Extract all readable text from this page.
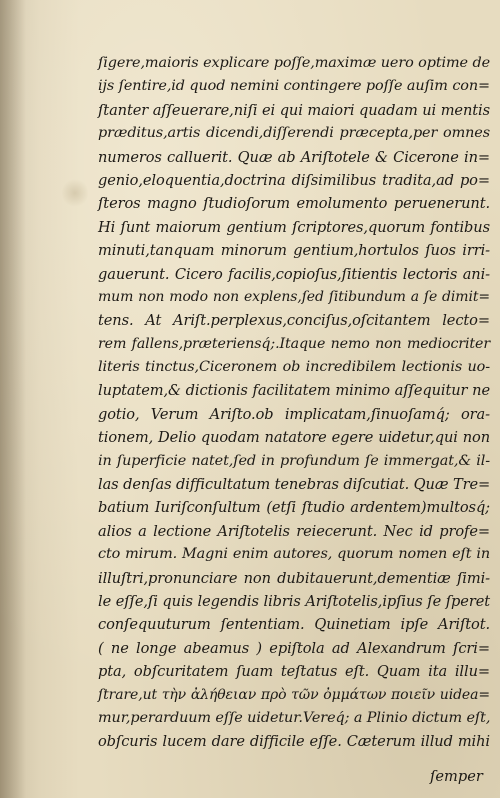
ſigere,maioris explicare poſſe,maximæ uero optime de
ijs ſentire,id quod nemini contingere poſſe auſim con=
ſtanter aſſeuerare,niſi ei qui maiori quadam ui mentis
præditus,artis dicendi,diſſerendi præcepta,per omnes
numeros calluerit. Quæ ab Ariſtotele & Cicerone in=
genio,eloquentia,doctrina diſsimilibus tradita,ad po=
ſteros magno ſtudioſorum emolumento peruenerunt.
Hi ſunt maiorum gentium ſcriptores,quorum fontibus
minuti,tanquam minorum gentium,hortulos ſuos irri-
gauerunt. Cicero facilis,copioſus,ſitientis lectoris ani-
mum non modo non explens,ſed ſitibundum a ſe dimit=
tens. At Ariſt.perplexus,conciſus,oſcitantem lecto=
rem fallens,præteriensq́;.Itaque nemo non mediocriter
literis tinctus,Ciceronem ob incredibilem lectionis uo-
luptatem,& dictionis facilitatem minimo aſſequitur ne
gotio, Verum Ariſto.ob implicatam,ſinuoſamq́; ora-
tionem, Delio quodam natatore egere uidetur,qui non
in ſuperficie natet,ſed in profundum ſe immergat,& il-
las denſas difficultatum tenebras diſcutiat. Quæ Tre=
batium Iuriſconſultum (etſi ſtudio ardentem)multosq́;
alios a lectione Ariſtotelis reiecerunt. Nec id profe=
cto mirum. Magni enim autores, quorum nomen eſt in
illuſtri,pronunciare non dubitauerunt,dementiæ ſimi-
le eſſe,ſi quis legendis libris Ariſtotelis,ipſius ſe ſperet
conſequuturum ſententiam. Quinetiam ipſe Ariſtot.
( ne longe abeamus ) epiſtola ad Alexandrum ſcri=
pta, obſcuritatem ſuam teſtatus eſt. Quam ita illu=
ſtrare,ut τὴν ἀλήθειαν πρὸ τῶν ὀμμάτων ποιεῖν uidea=
mur,perarduum eſſe uidetur.Vereq́; a Plinio dictum eſt,
obſcuris lucem dare difficile eſſe. Cæterum illud mihi
ſemper
